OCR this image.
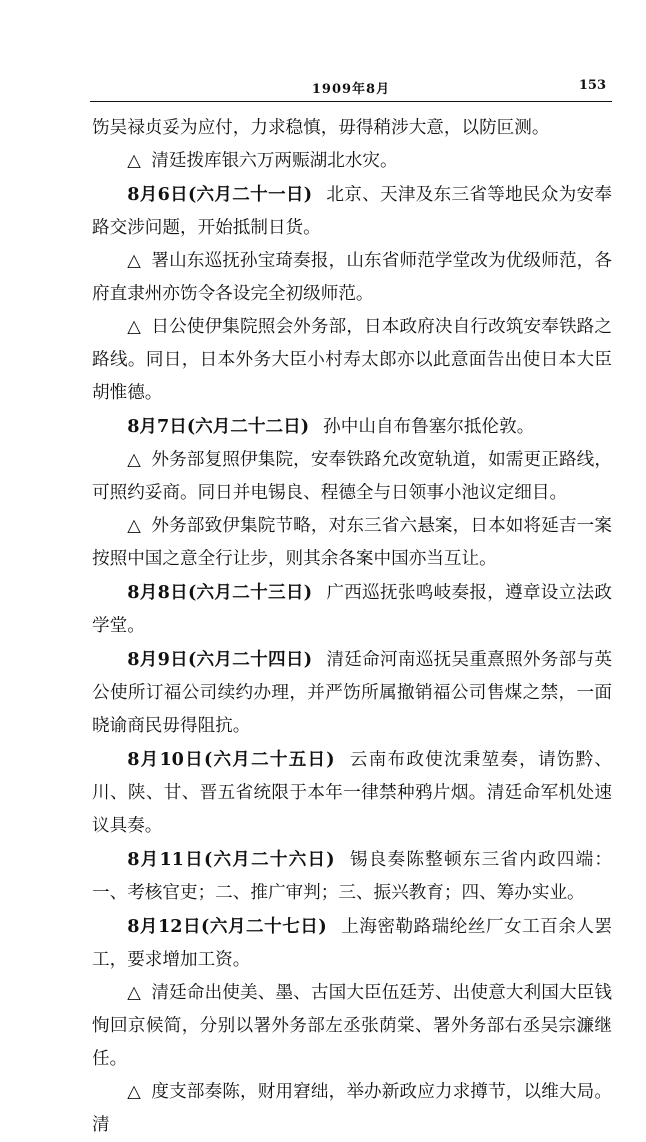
1909年8月	153

饬吴禄贞妥为应付，力求稳慎，毋得稍涉大意，以防叵测。

△ 清廷拨库银六万两赈湖北水灾。

8月6日(六月二十一日) 北京、天津及东三省等地民众为安奉路交涉问题，开始抵制日货。

△ 署山东巡抚孙宝琦奏报，山东省师范学堂改为优级师范，各府直隶州亦饬令各设完全初级师范。

△ 日公使伊集院照会外务部，日本政府决自行改筑安奉铁路之路线。同日，日本外务大臣小村寿太郎亦以此意面告出使日本大臣胡惟德。

8月7日(六月二十二日) 孙中山自布鲁塞尔抵伦敦。

△ 外务部复照伊集院，安奉铁路允改宽轨道，如需更正路线，可照约妥商。同日并电锡良、程德全与日领事小池议定细目。

△ 外务部致伊集院节略，对东三省六悬案，日本如将延吉一案按照中国之意全行让步，则其余各案中国亦当互让。

8月8日(六月二十三日) 广西巡抚张鸣岐奏报，遵章设立法政学堂。

8月9日(六月二十四日) 清廷命河南巡抚吴重熹照外务部与英公使所订福公司续约办理，并严饬所属撤销福公司售煤之禁，一面晓谕商民毋得阻抗。

8月10日(六月二十五日) 云南布政使沈秉堃奏，请饬黔、川、陕、甘、晋五省统限于本年一律禁种鸦片烟。清廷命军机处速议具奏。

8月11日(六月二十六日) 锡良奏陈整顿东三省内政四端：一、考核官吏；二、推广审判；三、振兴教育；四、筹办实业。

8月12日(六月二十七日) 上海密勒路瑞纶丝厂女工百余人罢工，要求增加工资。

△ 清廷命出使美、墨、古国大臣伍廷芳、出使意大利国大臣钱恂回京候简，分别以署外务部左丞张荫棠、署外务部右丞吴宗濂继任。

△ 度支部奏陈，财用窘绌，举办新政应力求撙节，以维大局。清
